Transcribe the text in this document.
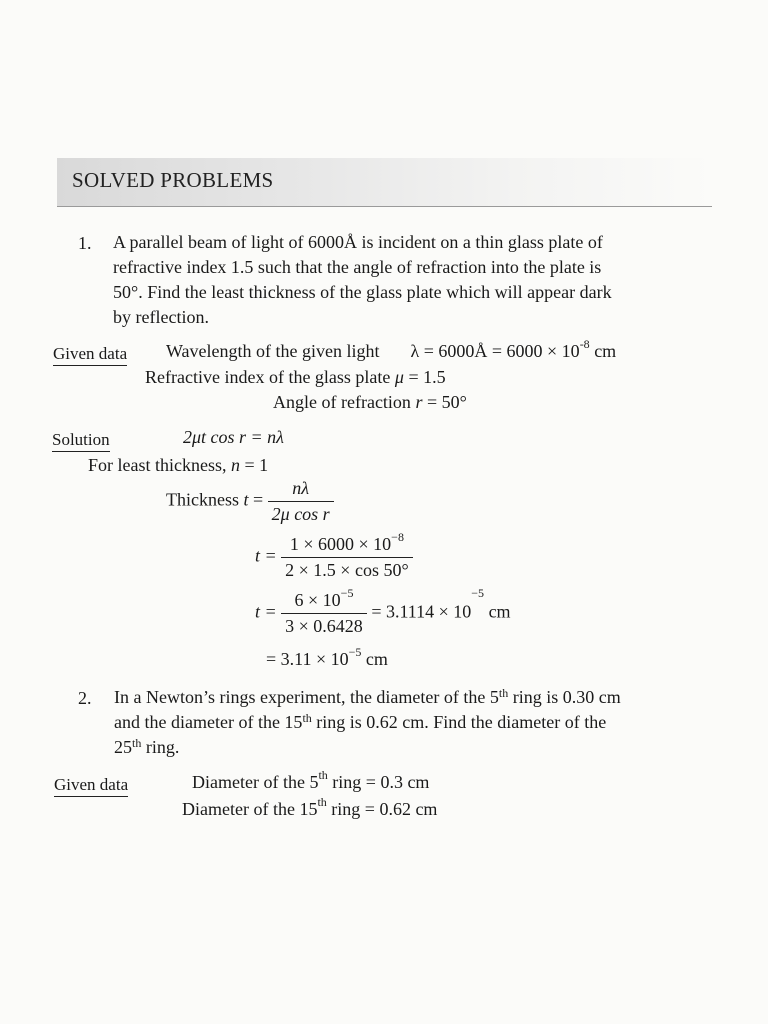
SOLVED PROBLEMS
1. A parallel beam of light of 6000Å is incident on a thin glass plate of
refractive index 1.5 such that the angle of refraction into the plate is
50°. Find the least thickness of the glass plate which will appear dark
by reflection.
Given data Wavelength of the given light λ = 6000Å = $6000 \times 10^{-8}$ cm
Refractive index of the glass plate μ = 1.5
Angle of refraction r = 50°
Solution	2μt cos r = nλ
For least thickness, n = 1
Thickness $t = \frac{n\lambda}{\text{2μ cos r}}$
$t = \frac{1 \times 6000 \times 10^{-8}}{2 \times 1.5 \times \cos 50^\circ}$
$t = \frac{6 \times 10^{-5}}{3 \times 0.6428} = 3.1114 \times 10^{-5}$ cm
= $3.11 \times 10^{-5}$ cm
2. In a Newton’s rings experiment, the diameter of the 5th ring is 0.30 cm
and the diameter of the 15th ring is 0.62 cm. Find the diameter of the
25th ring.
Given data	Diameter of the 5th ring = 0.3 cm
Diameter of the 15th ring = 0.62 cm
